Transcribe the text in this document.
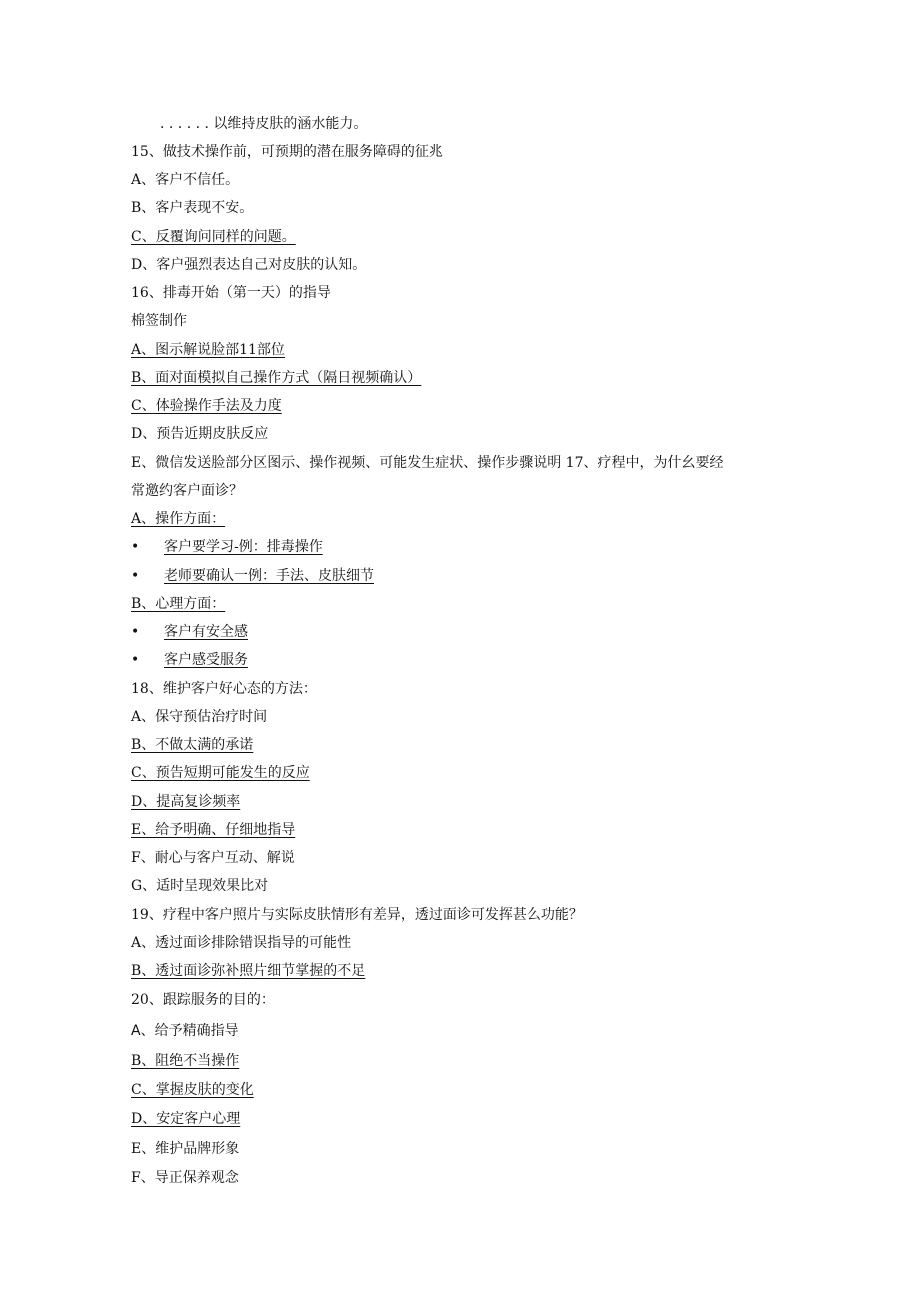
. . . . . . 以维持皮肤的涵水能力。
15、做技术操作前，可预期的潜在服务障碍的征兆
A、客户不信任。
B、客户表现不安。
C、反覆询问同样的问题。
D、客户强烈表达自己对皮肤的认知。
16、排毒开始（第一天）的指导
棉签制作
A、图示解说脸部11部位
B、面对面模拟自己操作方式（隔日视频确认）
C、体验操作手法及力度
D、预告近期皮肤反应
E、微信发送脸部分区图示、操作视频、可能发生症状、操作步骤说明 17、疗程中，为什幺要经
常邀约客户面诊？
A、操作方面：
•	客户要学习-例：排毒操作
•	老师要确认一例：手法、皮肤细节
B、心理方面：
•	客户有安全感
•	客户感受服务
18、维护客户好心态的方法：
A、保守预估治疗时间
B、不做太满的承诺
C、预告短期可能发生的反应
D、提高复诊频率
E、给予明确、仔细地指导
F、耐心与客户互动、解说
G、适时呈现效果比对
19、疗程中客户照片与实际皮肤情形有差异，透过面诊可发挥甚么功能？
A、透过面诊排除错误指导的可能性
B、透过面诊弥补照片细节掌握的不足
20、跟踪服务的目的：
A、给予精确指导
B、阻绝不当操作
C、掌握皮肤的变化
D、安定客户心理
E、维护品牌形象
F、导正保养观念
